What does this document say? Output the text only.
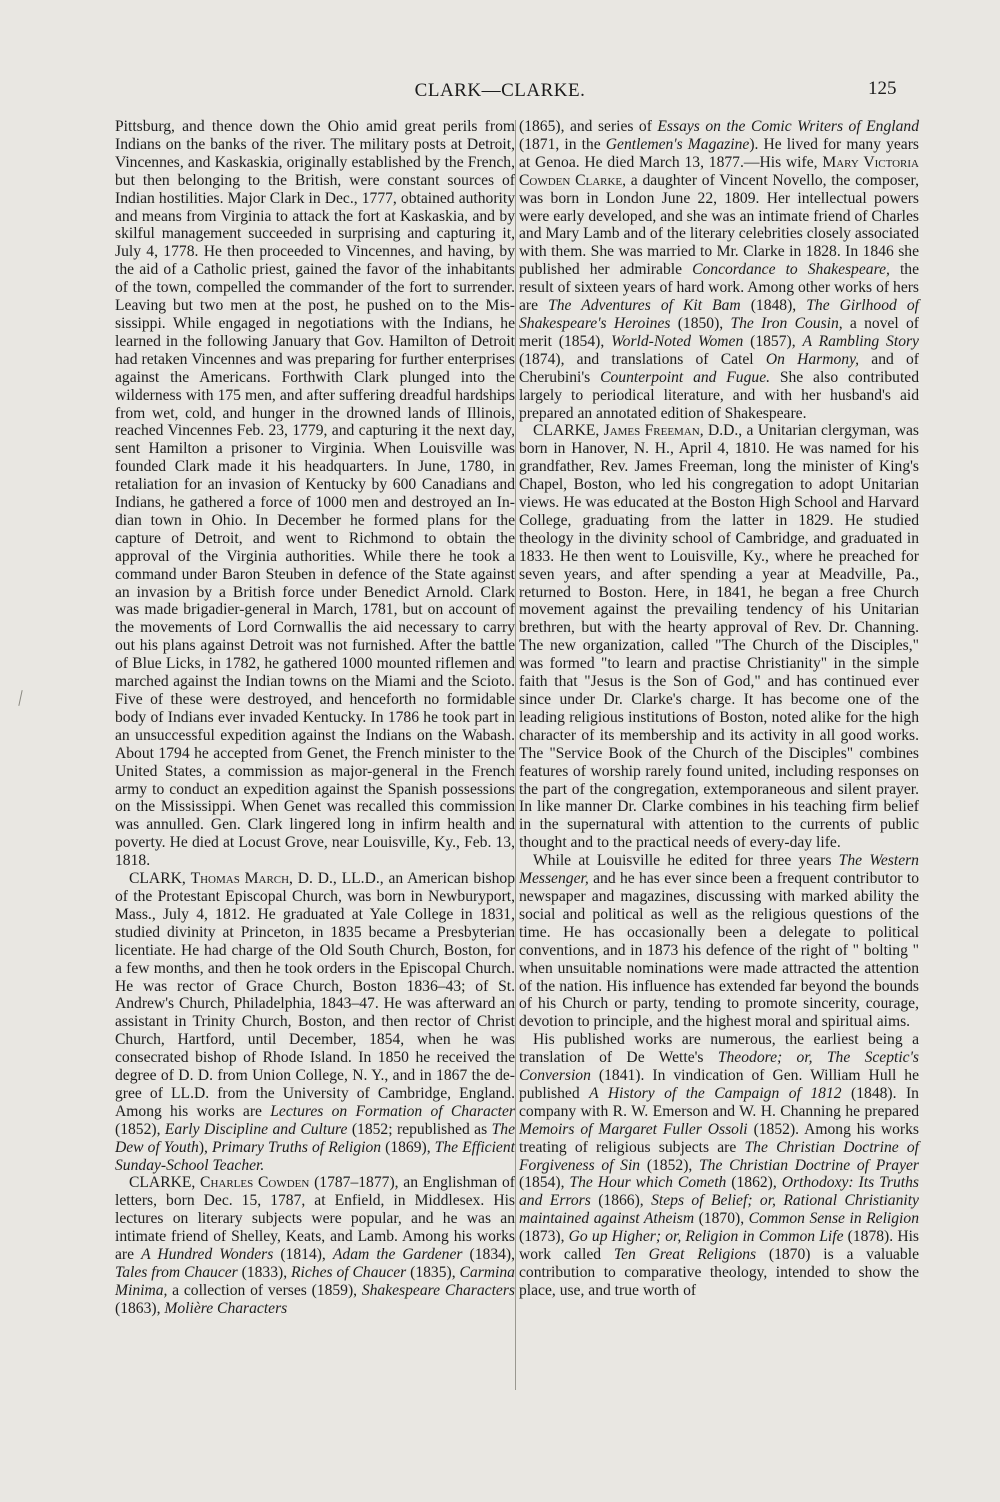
CLARK—CLARKE.	125

Pittsburg, and thence down the Ohio amid great perils from Indians on the banks of the river. The military posts at Detroit, Vincennes, and Kaskaskia, originally established by the French, but then belonging to the British, were constant sources of Indian hostilities. Major Clark in Dec., 1777, obtained authority and means from Virginia to attack the fort at Kaskaskia, and by skilful management succeeded in surprising and capturing it, July 4, 1778. He then proceeded to Vincennes, and having, by the aid of a Catholic priest, gained the favor of the inhabitants of the town, compelled the commander of the fort to surrender. Leaving but two men at the post, he pushed on to the Mississippi. While engaged in negotiations with the Indians, he learned in the following January that Gov. Hamilton of Detroit had retaken Vincennes and was preparing for further enterprises against the Americans. Forthwith Clark plunged into the wilderness with 175 men, and after suffering dreadful hardships from wet, cold, and hunger in the drowned lands of Illinois, reached Vincennes Feb. 23, 1779, and capturing it the next day, sent Hamilton a prisoner to Virginia. When Louisville was founded Clark made it his headquarters. In June, 1780, in retaliation for an invasion of Kentucky by 600 Canadians and Indians, he gathered a force of 1000 men and destroyed an Indian town in Ohio. In December he formed plans for the capture of Detroit, and went to Richmond to obtain the approval of the Virginia authorities. While there he took a command under Baron Steuben in defence of the State against an invasion by a British force under Benedict Arnold. Clark was made brigadier-general in March, 1781, but on account of the movements of Lord Cornwallis the aid necessary to carry out his plans against Detroit was not furnished. After the battle of Blue Licks, in 1782, he gathered 1000 mounted riflemen and marched against the Indian towns on the Miami and the Scioto. Five of these were destroyed, and henceforth no formidable body of Indians ever invaded Kentucky. In 1786 he took part in an unsuccessful expedition against the Indians on the Wabash. About 1794 he accepted from Genet, the French minister to the United States, a commission as major-general in the French army to conduct an expedition against the Spanish possessions on the Mississippi. When Genet was recalled this commission was annulled. Gen. Clark lingered long in infirm health and poverty. He died at Locust Grove, near Louisville, Ky., Feb. 13, 1818.

CLARK, Thomas March, D. D., LL.D., an American bishop of the Protestant Episcopal Church, was born in Newburyport, Mass., July 4, 1812. He graduated at Yale College in 1831, studied divinity at Princeton, in 1835 became a Presbyterian licentiate. He had charge of the Old South Church, Boston, for a few months, and then he took orders in the Episcopal Church. He was rector of Grace Church, Boston 1836–43; of St. Andrew's Church, Philadelphia, 1843–47. He was afterward an assistant in Trinity Church, Boston, and then rector of Christ Church, Hartford, until December, 1854, when he was consecrated bishop of Rhode Island. In 1850 he received the degree of D. D. from Union College, N. Y., and in 1867 the degree of LL.D. from the University of Cambridge, England. Among his works are Lectures on Formation of Character (1852), Early Discipline and Culture (1852; republished as The Dew of Youth), Primary Truths of Religion (1869), The Efficient Sunday-School Teacher.

CLARKE, Charles Cowden (1787–1877), an Englishman of letters, born Dec. 15, 1787, at Enfield, in Middlesex. His lectures on literary subjects were popular, and he was an intimate friend of Shelley, Keats, and Lamb. Among his works are A Hundred Wonders (1814), Adam the Gardener (1834), Tales from Chaucer (1833), Riches of Chaucer (1835), Carmina Minima, a collection of verses (1859), Shakespeare Characters (1863), Molière Characters

(1865), and series of Essays on the Comic Writers of England (1871, in the Gentlemen's Magazine). He lived for many years at Genoa. He died March 13, 1877.—His wife, Mary Victoria Cowden Clarke, a daughter of Vincent Novello, the composer, was born in London June 22, 1809. Her intellectual powers were early developed, and she was an intimate friend of Charles and Mary Lamb and of the literary celebrities closely associated with them. She was married to Mr. Clarke in 1828. In 1846 she published her admirable Concordance to Shakespeare, the result of sixteen years of hard work. Among other works of hers are The Adventures of Kit Bam (1848), The Girlhood of Shakespeare's Heroines (1850), The Iron Cousin, a novel of merit (1854), World-Noted Women (1857), A Rambling Story (1874), and translations of Catel On Harmony, and of Cherubini's Counterpoint and Fugue. She also contributed largely to periodical literature, and with her husband's aid prepared an annotated edition of Shakespeare.

CLARKE, James Freeman, D.D., a Unitarian clergyman, was born in Hanover, N. H., April 4, 1810. He was named for his grandfather, Rev. James Freeman, long the minister of King's Chapel, Boston, who led his congregation to adopt Unitarian views. He was educated at the Boston High School and Harvard College, graduating from the latter in 1829. He studied theology in the divinity school of Cambridge, and graduated in 1833. He then went to Louisville, Ky., where he preached for seven years, and after spending a year at Meadville, Pa., returned to Boston. Here, in 1841, he began a free Church movement against the prevailing tendency of his Unitarian brethren, but with the hearty approval of Rev. Dr. Channing. The new organization, called "The Church of the Disciples," was formed "to learn and practise Christianity" in the simple faith that "Jesus is the Son of God," and has continued ever since under Dr. Clarke's charge. It has become one of the leading religious institutions of Boston, noted alike for the high character of its membership and its activity in all good works. The "Service Book of the Church of the Disciples" combines features of worship rarely found united, including responses on the part of the congregation, extemporaneous and silent prayer. In like manner Dr. Clarke combines in his teaching firm belief in the supernatural with attention to the currents of public thought and to the practical needs of every-day life.

While at Louisville he edited for three years The Western Messenger, and he has ever since been a frequent contributor to newspaper and magazines, discussing with marked ability the social and political as well as the religious questions of the time. He has occasionally been a delegate to political conventions, and in 1873 his defence of the right of " bolting " when unsuitable nominations were made attracted the attention of the nation. His influence has extended far beyond the bounds of his Church or party, tending to promote sincerity, courage, devotion to principle, and the highest moral and spiritual aims.

His published works are numerous, the earliest being a translation of De Wette's Theodore; or, The Sceptic's Conversion (1841). In vindication of Gen. William Hull he published A History of the Campaign of 1812 (1848). In company with R. W. Emerson and W. H. Channing he prepared Memoirs of Margaret Fuller Ossoli (1852). Among his works treating of religious subjects are The Christian Doctrine of Forgiveness of Sin (1852), The Christian Doctrine of Prayer (1854), The Hour which Cometh (1862), Orthodoxy: Its Truths and Errors (1866), Steps of Belief; or, Rational Christianity maintained against Atheism (1870), Common Sense in Religion (1873), Go up Higher; or, Religion in Common Life (1878). His work called Ten Great Religions (1870) is a valuable contribution to comparative theology, intended to show the place, use, and true worth of
